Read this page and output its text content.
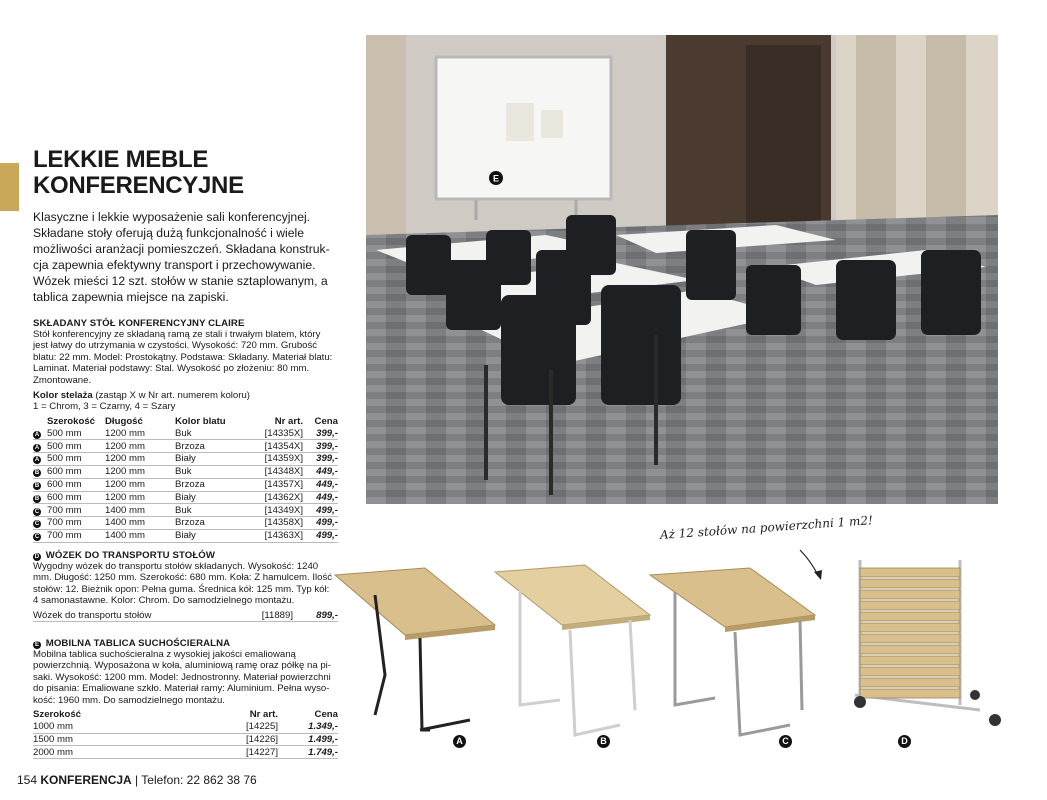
LEKKIE MEBLE
KONFERENCYJNE
Klasyczne i lekkie wyposażenie sali konferencyjnej.
Składane stoły oferują dużą funkcjonalność i wiele
możliwości aranżacji pomieszczeń. Składana konstruk-
cja zapewnia efektywny transport i przechowywanie.
Wózek mieści 12 szt. stołów w stanie sztaplowanym, a
tablica zapewnia miejsce na zapiski.
SKŁADANY STÓŁ KONFERENCYJNY CLAIRE
Stół konferencyjny ze składaną ramą ze stali i trwałym blatem, który
jest łatwy do utrzymania w czystości. Wysokość: 720 mm. Grubość
blatu: 22 mm. Model: Prostokątny. Podstawa: Składany. Materiał blatu:
Laminat. Materiał podstawy: Stal. Wysokość po złożeniu: 80 mm.
Zmontowane.
Kolor stelaża (zastąp X w Nr art. numerem koloru)
1 = Chrom, 3 = Czarny, 4 = Szary
	Szerokość	Długość	Kolor blatu	Nr art.	Cena
A	500 mm	1200 mm	Buk	[14335X]	399,-
A	500 mm	1200 mm	Brzoza	[14354X]	399,-
A	500 mm	1200 mm	Biały	[14359X]	399,-
B	600 mm	1200 mm	Buk	[14348X]	449,-
B	600 mm	1200 mm	Brzoza	[14357X]	449,-
B	600 mm	1200 mm	Biały	[14362X]	449,-
C	700 mm	1400 mm	Buk	[14349X]	499,-
C	700 mm	1400 mm	Brzoza	[14358X]	499,-
C	700 mm	1400 mm	Biały	[14363X]	499,-
D WÓZEK DO TRANSPORTU STOŁÓW
Wygodny wózek do transportu stołów składanych. Wysokość: 1240
mm. Długość: 1250 mm. Szerokość: 680 mm. Koła: Z hamulcem. Ilość
stołów: 12. Bieżnik opon: Pełna guma. Średnica kół: 125 mm. Typ kół:
4 samonastawne. Kolor: Chrom. Do samodzielnego montażu.
Wózek do transportu stołów	[11889]	899,-
E MOBILNA TABLICA SUCHOŚCIERALNA
Mobilna tablica suchościeralna z wysokiej jakości emaliowaną
powierzchnią. Wyposażona w koła, aluminiową ramę oraz półkę na pi-
saki. Wysokość: 1200 mm. Model: Jednostronny. Materiał powierzchni
do pisania: Emaliowane szkło. Materiał ramy: Aluminium. Pełna wyso-
kość: 1960 mm. Do samodzielnego montażu.
Szerokość	Nr art.	Cena
1000 mm	[14225]	1.349,-
1500 mm	[14226]	1.499,-
2000 mm	[14227]	1.749,-
E
Aż 12 stołów na powierzchni 1 m2!
A	B	C	D
154 KONFERENCJA | Telefon: 22 862 38 76
